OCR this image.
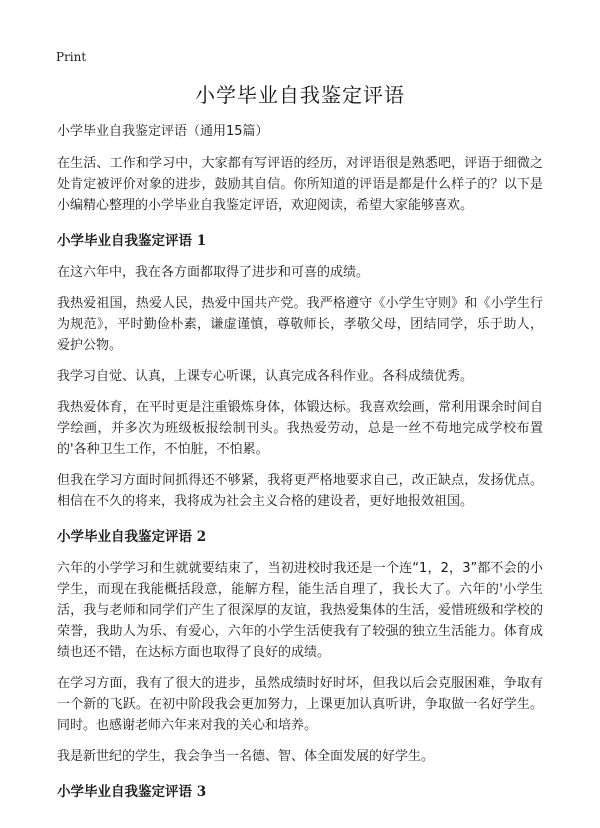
Print
小学毕业自我鉴定评语
小学毕业自我鉴定评语（通用15篇）

在生活、工作和学习中，大家都有写评语的经历，对评语很是熟悉吧，评语于细微之处肯定被评价对象的进步，鼓励其自信。你所知道的评语是都是什么样子的？以下是小编精心整理的小学毕业自我鉴定评语，欢迎阅读，希望大家能够喜欢。

小学毕业自我鉴定评语 1

在这六年中，我在各方面都取得了进步和可喜的成绩。

我热爱祖国，热爱人民，热爱中国共产党。我严格遵守《小学生守则》和《小学生行为规范》，平时勤俭朴素，谦虚谨慎，尊敬师长，孝敬父母，团结同学，乐于助人，爱护公物。

我学习自觉、认真，上课专心听课，认真完成各科作业。各科成绩优秀。

我热爱体育，在平时更是注重锻炼身体，体锻达标。我喜欢绘画，常利用课余时间自学绘画，并多次为班级板报绘制刊头。我热爱劳动，总是一丝不苟地完成学校布置的'各种卫生工作，不怕脏，不怕累。

但我在学习方面时间抓得还不够紧，我将更严格地要求自己，改正缺点，发扬优点。相信在不久的将来，我将成为社会主义合格的建设者，更好地报效祖国。

小学毕业自我鉴定评语 2

六年的小学学习和生就就要结束了，当初进校时我还是一个连“1，2，3”都不会的小学生，而现在我能概括段意，能解方程，能生活自理了，我长大了。六年的'小学生活，我与老师和同学们产生了很深厚的友谊，我热爱集体的生活，爱惜班级和学校的荣誉，我助人为乐、有爱心，六年的小学生活使我有了较强的独立生活能力。体育成绩也还不错，在达标方面也取得了良好的成绩。

在学习方面，我有了很大的进步，虽然成绩时好时坏，但我以后会克服困难，争取有一个新的飞跃。在初中阶段我会更加努力，上课更加认真听讲，争取做一名好学生。同时。也感谢老师六年来对我的关心和培养。

我是新世纪的学生，我会争当一名德、智、体全面发展的好学生。

小学毕业自我鉴定评语 3
